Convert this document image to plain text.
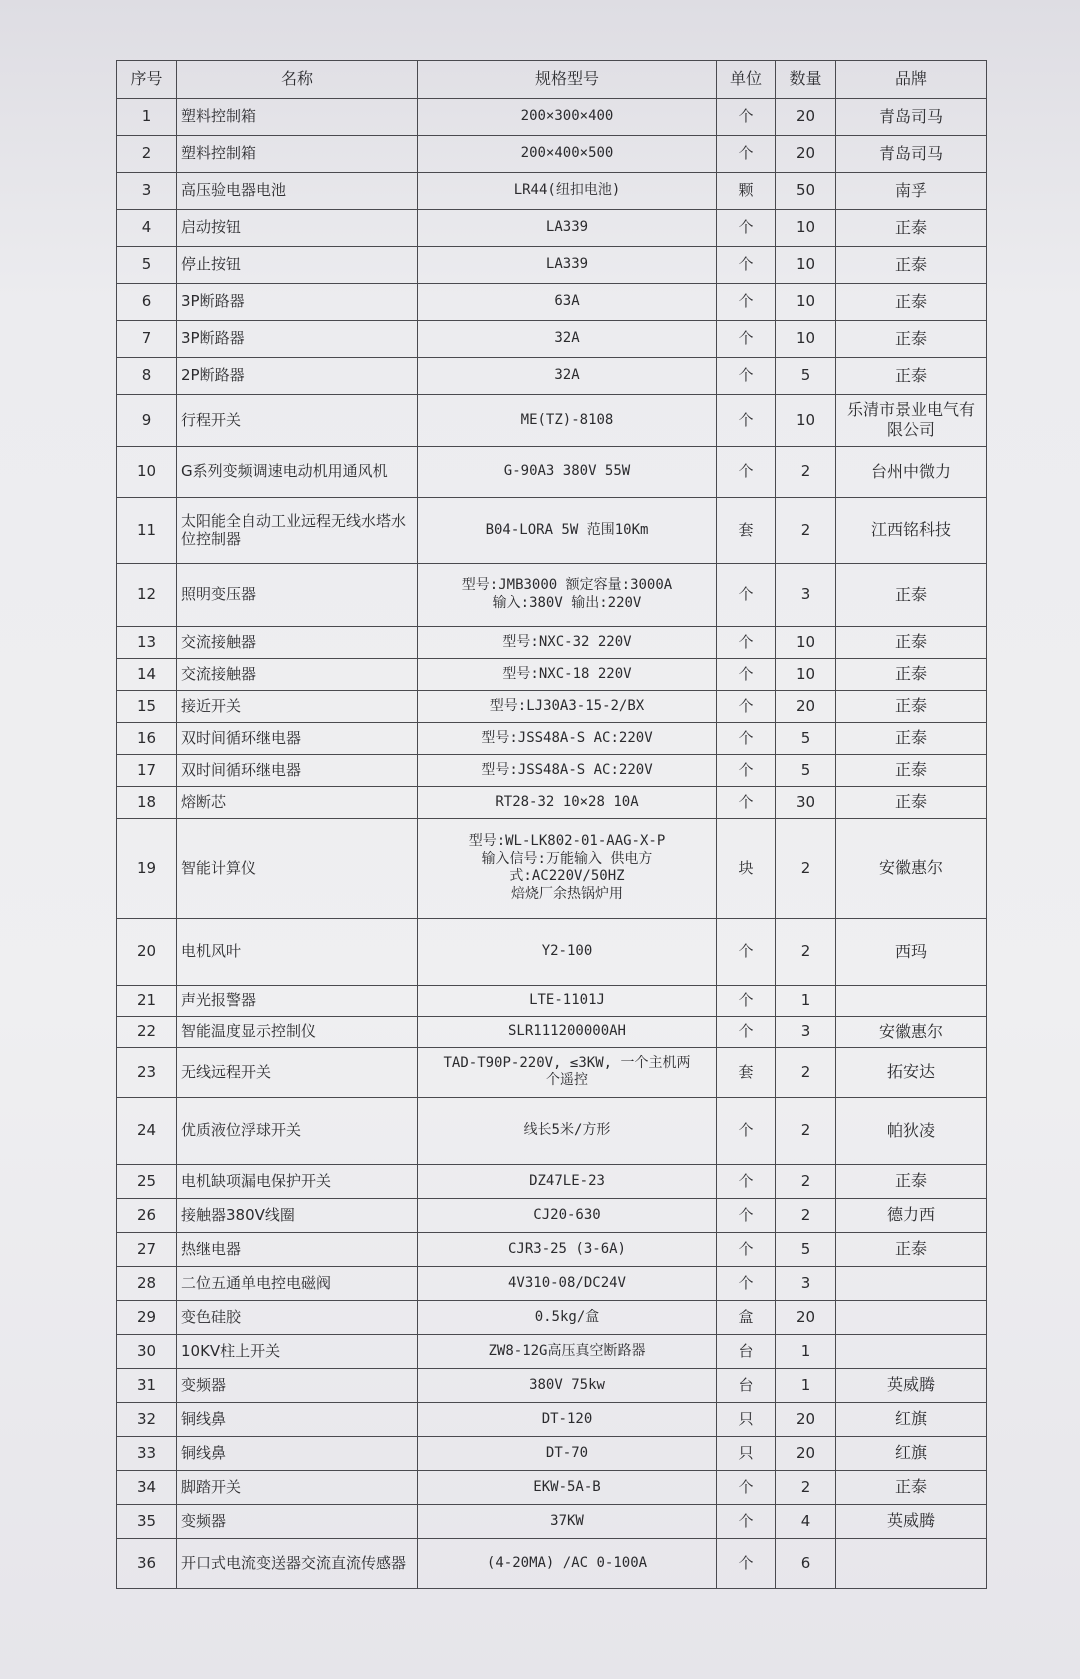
序号	名称	规格型号	单位	数量	品牌
1	塑料控制箱	200×300×400	个	20	青岛司马
2	塑料控制箱	200×400×500	个	20	青岛司马
3	高压验电器电池	LR44(纽扣电池)	颗	50	南孚
4	启动按钮	LA339	个	10	正泰
5	停止按钮	LA339	个	10	正泰
6	3P断路器	63A	个	10	正泰
7	3P断路器	32A	个	10	正泰
8	2P断路器	32A	个	5	正泰
9	行程开关	ME(TZ)-8108	个	10	乐清市景业电气有限公司
10	G系列变频调速电动机用通风机	G-90A3 380V 55W	个	2	台州中微力
11	太阳能全自动工业远程无线水塔水位控制器	B04-LORA 5W 范围10Km	套	2	江西铭科技
12	照明变压器	型号:JMB3000 额定容量:3000A
输入:380V 输出:220V	个	3	正泰
13	交流接触器	型号:NXC-32 220V	个	10	正泰
14	交流接触器	型号:NXC-18 220V	个	10	正泰
15	接近开关	型号:LJ30A3-15-2/BX	个	20	正泰
16	双时间循环继电器	型号:JSS48A-S AC:220V	个	5	正泰
17	双时间循环继电器	型号:JSS48A-S AC:220V	个	5	正泰
18	熔断芯	RT28-32 10×28 10A	个	30	正泰
19	智能计算仪	型号:WL-LK802-01-AAG-X-P
输入信号:万能输入 供电方
式:AC220V/50HZ
焙烧厂余热锅炉用	块	2	安徽惠尔
20	电机风叶	Y2-100	个	2	西玛
21	声光报警器	LTE-1101J	个	1	
22	智能温度显示控制仪	SLR111200000AH	个	3	安徽惠尔
23	无线远程开关	TAD-T90P-220V, ≤3KW, 一个主机两
个遥控	套	2	拓安达
24	优质液位浮球开关	线长5米/方形	个	2	帕狄凌
25	电机缺项漏电保护开关	DZ47LE-23	个	2	正泰
26	接触器380V线圈	CJ20-630	个	2	德力西
27	热继电器	CJR3-25 (3-6A)	个	5	正泰
28	二位五通单电控电磁阀	4V310-08/DC24V	个	3	
29	变色硅胶	0.5kg/盒	盒	20	
30	10KV柱上开关	ZW8-12G高压真空断路器	台	1	
31	变频器	380V 75kw	台	1	英威腾
32	铜线鼻	DT-120	只	20	红旗
33	铜线鼻	DT-70	只	20	红旗
34	脚踏开关	EKW-5A-B	个	2	正泰
35	变频器	37KW	个	4	英威腾
36	开口式电流变送器交流直流传感器	(4-20MA) /AC 0-100A	个	6	
